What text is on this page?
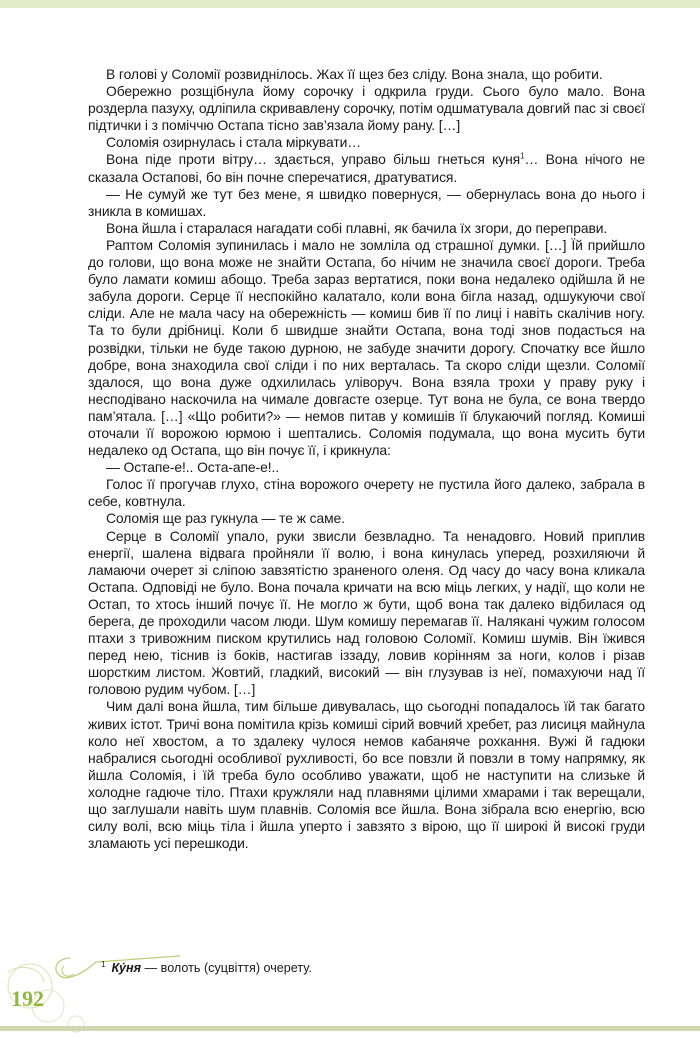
В голові у Соломії розвиднілось. Жах її щез без сліду. Вона знала, що робити.

Обережно розщібнула йому сорочку і одкрила груди. Сього було мало. Вона роздерла пазуху, одліпила скривавлену сорочку, потім одшматувала довгий пас зі своєї підтички і з поміччю Остапа тісно зав’язала йому рану. […]

Соломія озирнулась і стала міркувати…

Вона піде проти вітру… здається, управо більш гнеться куня$^1$… Вона нічого не сказала Остапові, бо він почне сперечатися, дратуватися.

— Не сумуй же тут без мене, я швидко повернуся, — обернулась вона до нього і зникла в комишах.

Вона йшла і старалася нагадати собі плавні, як бачила їх згори, до переправи.

Раптом Соломія зупинилась і мало не зомліла од страшної думки. […] Їй прийшло до голови, що вона може не знайти Остапа, бо нічим не значила своєї дороги. Треба було ламати комиш абощо. Треба зараз вертатися, поки вона недалеко одійшла й не забула дороги. Серце її неспокійно калатало, коли вона бігла назад, одшукуючи свої сліди. Але не мала часу на обережність — комиш бив її по лиці і навіть скалічив ногу. Та то були дрібниці. Коли б швидше знайти Остапа, вона тоді знов подасться на розвідки, тільки не буде такою дурною, не забуде значити дорогу. Спочатку все йшло добре, вона знаходила свої сліди і по них верталась. Та скоро сліди щезли. Соломії здалося, що вона дуже одхилилась уліворуч. Вона взяла трохи у праву руку і несподівано наскочила на чимале довгасте озерце. Тут вона не була, се вона твердо пам’ятала. […] «Що робити?» — немов питав у комишів її блукаючий погляд. Комиші оточали її ворожою юрмою і шептались. Соломія подумала, що вона мусить бути недалеко од Остапа, що він почує її, і крикнула:

— Остапе-е!.. Оста-апе-е!..

Голос її прогучав глухо, стіна ворожого очерету не пустила його далеко, забрала в себе, ковтнула.

Соломія ще раз гукнула — те ж саме.

Серце в Соломії упало, руки звисли безвладно. Та ненадовго. Новий приплив енергії, шалена відвага пройняли її волю, і вона кинулась уперед, розхиляючи й ламаючи очерет зі сліпою завзятістю зраненого оленя. Од часу до часу вона кликала Остапа. Одповіді не було. Вона почала кричати на всю міць легких, у надії, що коли не Остап, то хтось інший почує її. Не могло ж бути, щоб вона так далеко відбилася од берега, де проходили часом люди. Шум комишу перемагав її. Налякані чужим голосом птахи з тривожним писком крутились над головою Соломії. Комиш шумів. Він їжився перед нею, тіснив із боків, настигав іззаду, ловив корінням за ноги, колов і різав шорстким листом. Жовтий, гладкий, високий — він глузував із неї, помахуючи над її головою рудим чубом. […]

Чим далі вона йшла, тим більше дивувалась, що сьогодні попадалось їй так багато живих істот. Тричі вона помітила крізь комиші сірий вовчий хребет, раз лисиця майнула коло неї хвостом, а то здалеку чулося немов кабаняче рохкання. Вужі й гадюки набралися сьогодні особливої рухливості, бо все повзли й повзли в тому напрямку, як йшла Соломія, і їй треба було особливо уважати, щоб не наступити на слизьке й холодне гадюче тіло. Птахи кружляли над плавнями цілими хмарами і так верещали, що заглушали навіть шум плавнів. Соломія все йшла. Вона зібрала всю енергію, всю силу волі, всю міць тіла і йшла уперто і завзято з вірою, що її широкі й високі груди зламають усі перешкоди.

$^1$ Ку́ня — волоть (суцвіття) очерету.
192
